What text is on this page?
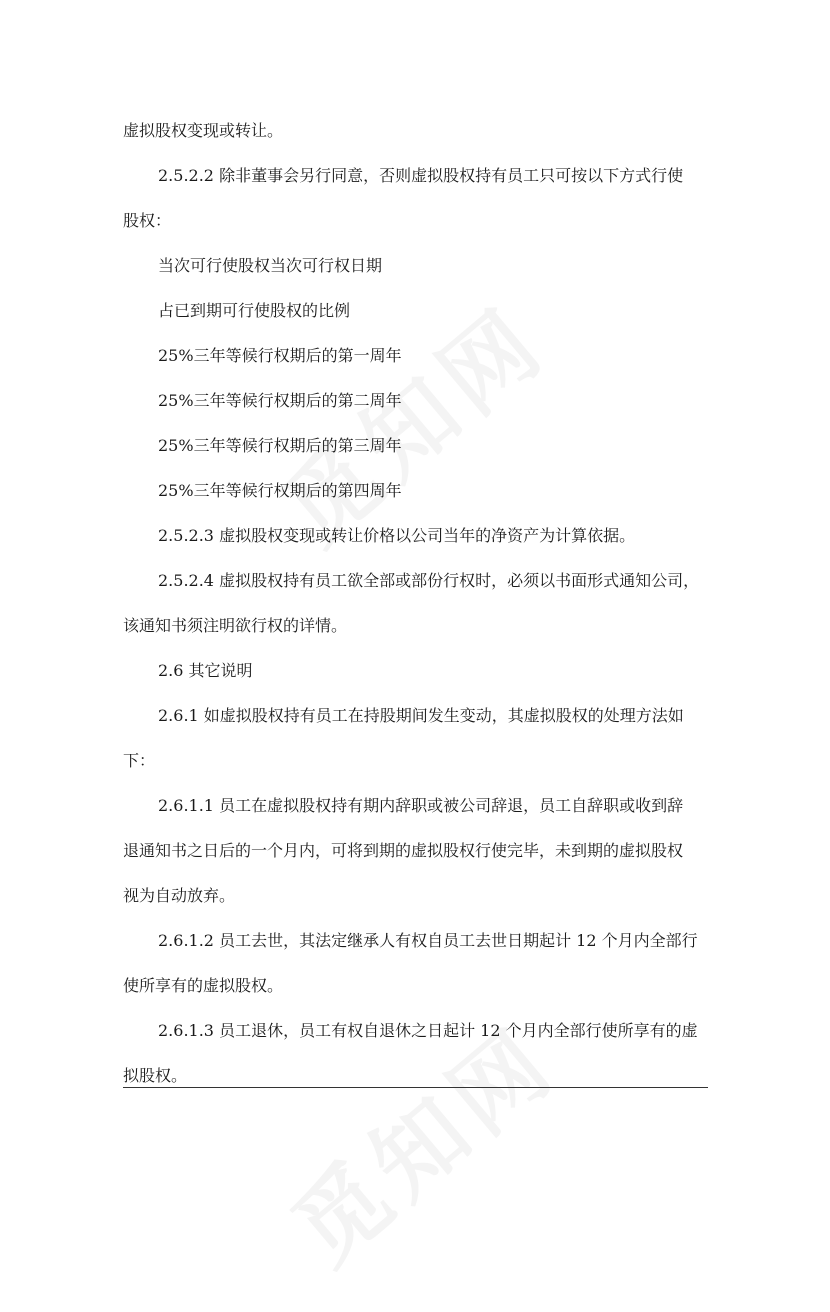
虚拟股权变现或转让。

2.5.2.2 除非董事会另行同意，否则虚拟股权持有员工只可按以下方式行使

股权：

当次可行使股权当次可行权日期

占已到期可行使股权的比例

25%三年等候行权期后的第一周年

25%三年等候行权期后的第二周年

25%三年等候行权期后的第三周年

25%三年等候行权期后的第四周年

2.5.2.3 虚拟股权变现或转让价格以公司当年的净资产为计算依据。

2.5.2.4 虚拟股权持有员工欲全部或部份行权时，必须以书面形式通知公司，

该通知书须注明欲行权的详情。

2.6 其它说明

2.6.1 如虚拟股权持有员工在持股期间发生变动，其虚拟股权的处理方法如

下：

2.6.1.1 员工在虚拟股权持有期内辞职或被公司辞退，员工自辞职或收到辞

退通知书之日后的一个月内，可将到期的虚拟股权行使完毕，未到期的虚拟股权

视为自动放弃。

2.6.1.2 员工去世，其法定继承人有权自员工去世日期起计 12 个月内全部行

使所享有的虚拟股权。

2.6.1.3 员工退休，员工有权自退休之日起计 12 个月内全部行使所享有的虚

拟股权。
